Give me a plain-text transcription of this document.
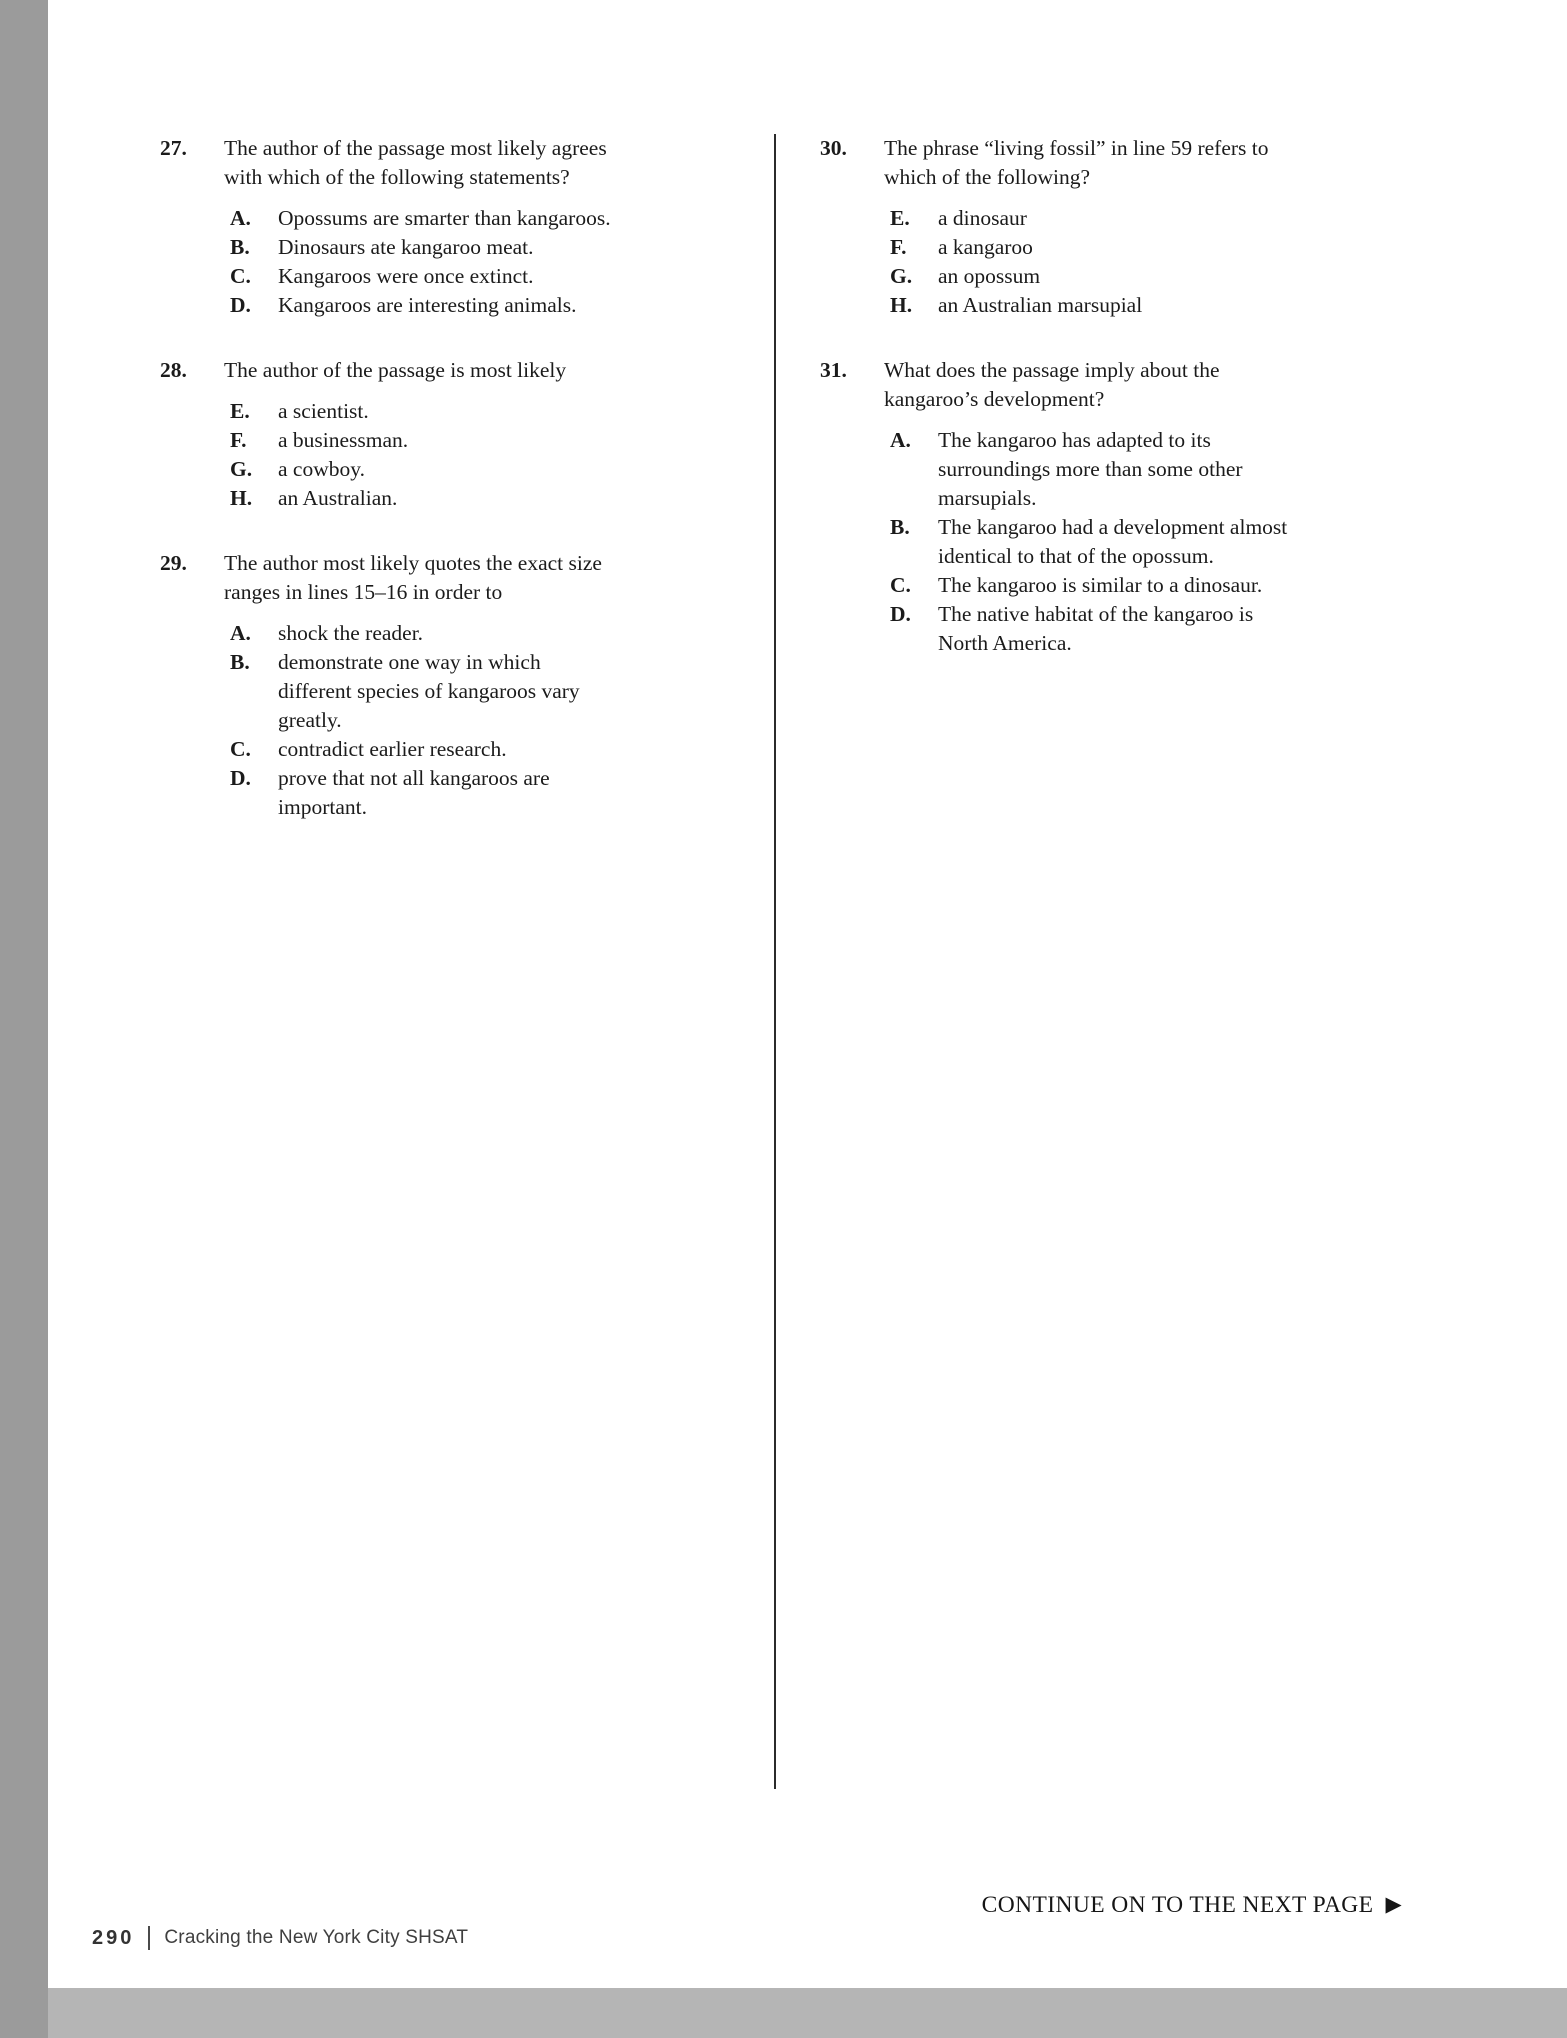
27.	The author of the passage most likely agrees with which of the following statements?
A.	Opossums are smarter than kangaroos.
B.	Dinosaurs ate kangaroo meat.
C.	Kangaroos were once extinct.
D.	Kangaroos are interesting animals.
28.	The author of the passage is most likely
E.	a scientist.
F.	a businessman.
G.	a cowboy.
H.	an Australian.
29.	The author most likely quotes the exact size ranges in lines 15–16 in order to
A.	shock the reader.
B.	demonstrate one way in which different species of kangaroos vary greatly.
C.	contradict earlier research.
D.	prove that not all kangaroos are important.
30.	The phrase “living fossil” in line 59 refers to which of the following?
E.	a dinosaur
F.	a kangaroo
G.	an opossum
H.	an Australian marsupial
31.	What does the passage imply about the kangaroo’s development?
A.	The kangaroo has adapted to its surroundings more than some other marsupials.
B.	The kangaroo had a development almost identical to that of the opossum.
C.	The kangaroo is similar to a dinosaur.
D.	The native habitat of the kangaroo is North America.
CONTINUE ON TO THE NEXT PAGE ▶
290 Cracking the New York City SHSAT
